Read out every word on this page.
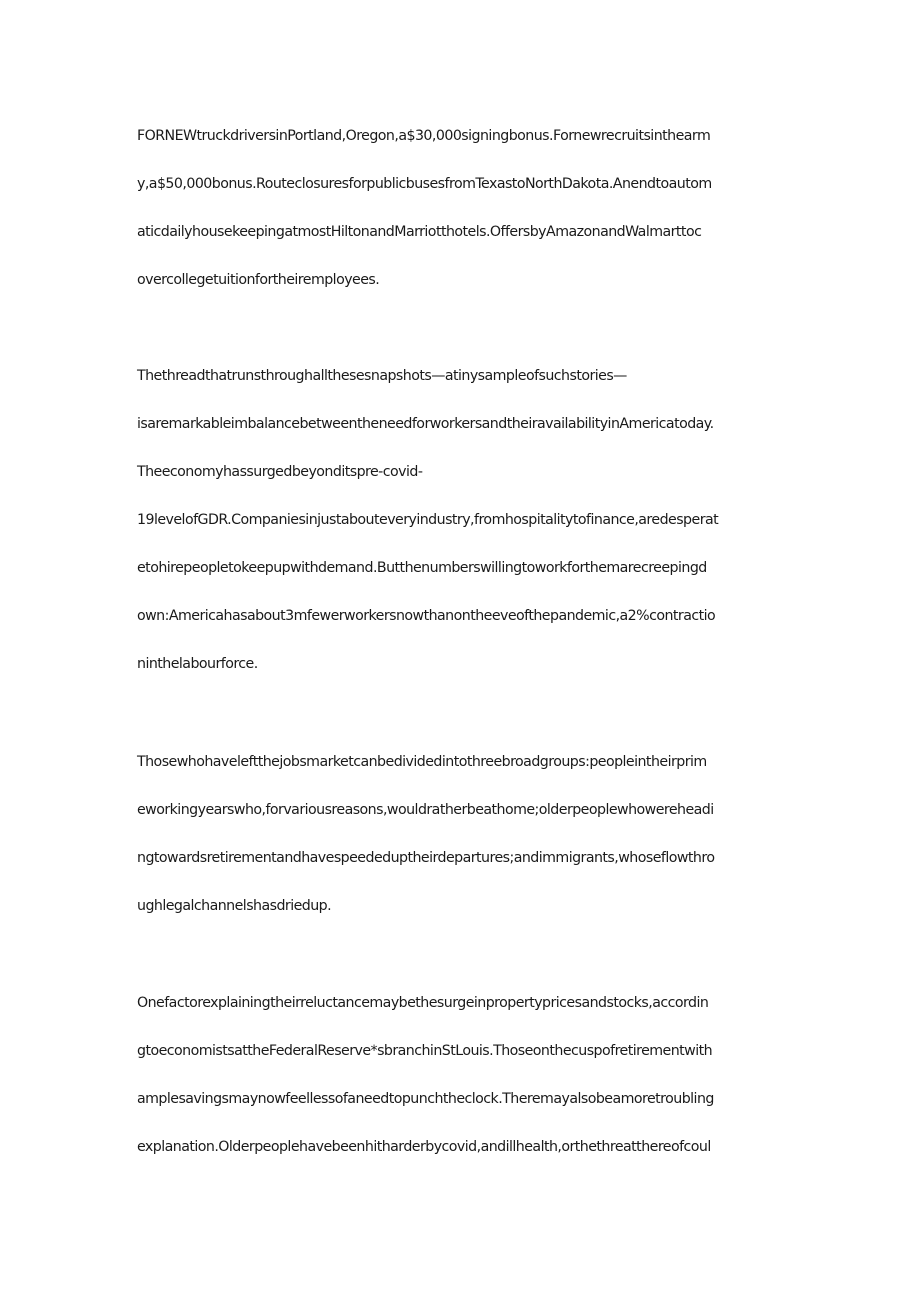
FORNEWtruckdriversinPortland,Oregon,a$30,000signingbonus.Fornewrecruitsinthearm
y,a$50,000bonus.RouteclosuresforpublicbusesfromTexastoNorthDakota.Anendtoautom
aticdailyhousekeepingatmostHiltonandMarriotthotels.OffersbyAmazonandWalmarttoc
overcollegetuitionfortheiremployees.
Thethreadthatrunsthroughallthesesnapshots—atinysampleofsuchstories—
isaremarkableimbalancebetweentheneedforworkersandtheiravailabilityinAmericatoday.
Theeconomyhassurgedbeyonditspre-covid-
19levelofGDR.Companiesinjustabouteveryindustry,fromhospitalitytofinance,aredesperat
etohirepeopletokeepupwithdemand.Butthenumberswillingtoworkforthemarecreepingd
own:Americahasabout3mfewerworkersnowthanontheeveofthepandemic,a2%contractio
ninthelabourforce.
Thosewhohaveleftthejobsmarketcanbedividedintothreebroadgroups:peopleintheirprim
eworkingyearswho,forvariousreasons,wouldratherbeathome;olderpeoplewhowereheadi
ngtowardsretirementandhavespeededuptheirdepartures;andimmigrants,whoseflowthro
ughlegalchannelshasdriedup.
Onefactorexplainingtheirreluctancemaybethesurgeinpropertypricesandstocks,accordin
gtoeconomistsattheFederalReserve*sbranchinStLouis.Thoseonthecuspofretirementwith
amplesavingsmaynowfeellessofaneedtopunchtheclock.Theremayalsobeamoretroubling
explanation.Olderpeoplehavebeenhitharderbycovid,andillhealth,orthethreatthereofcoul
